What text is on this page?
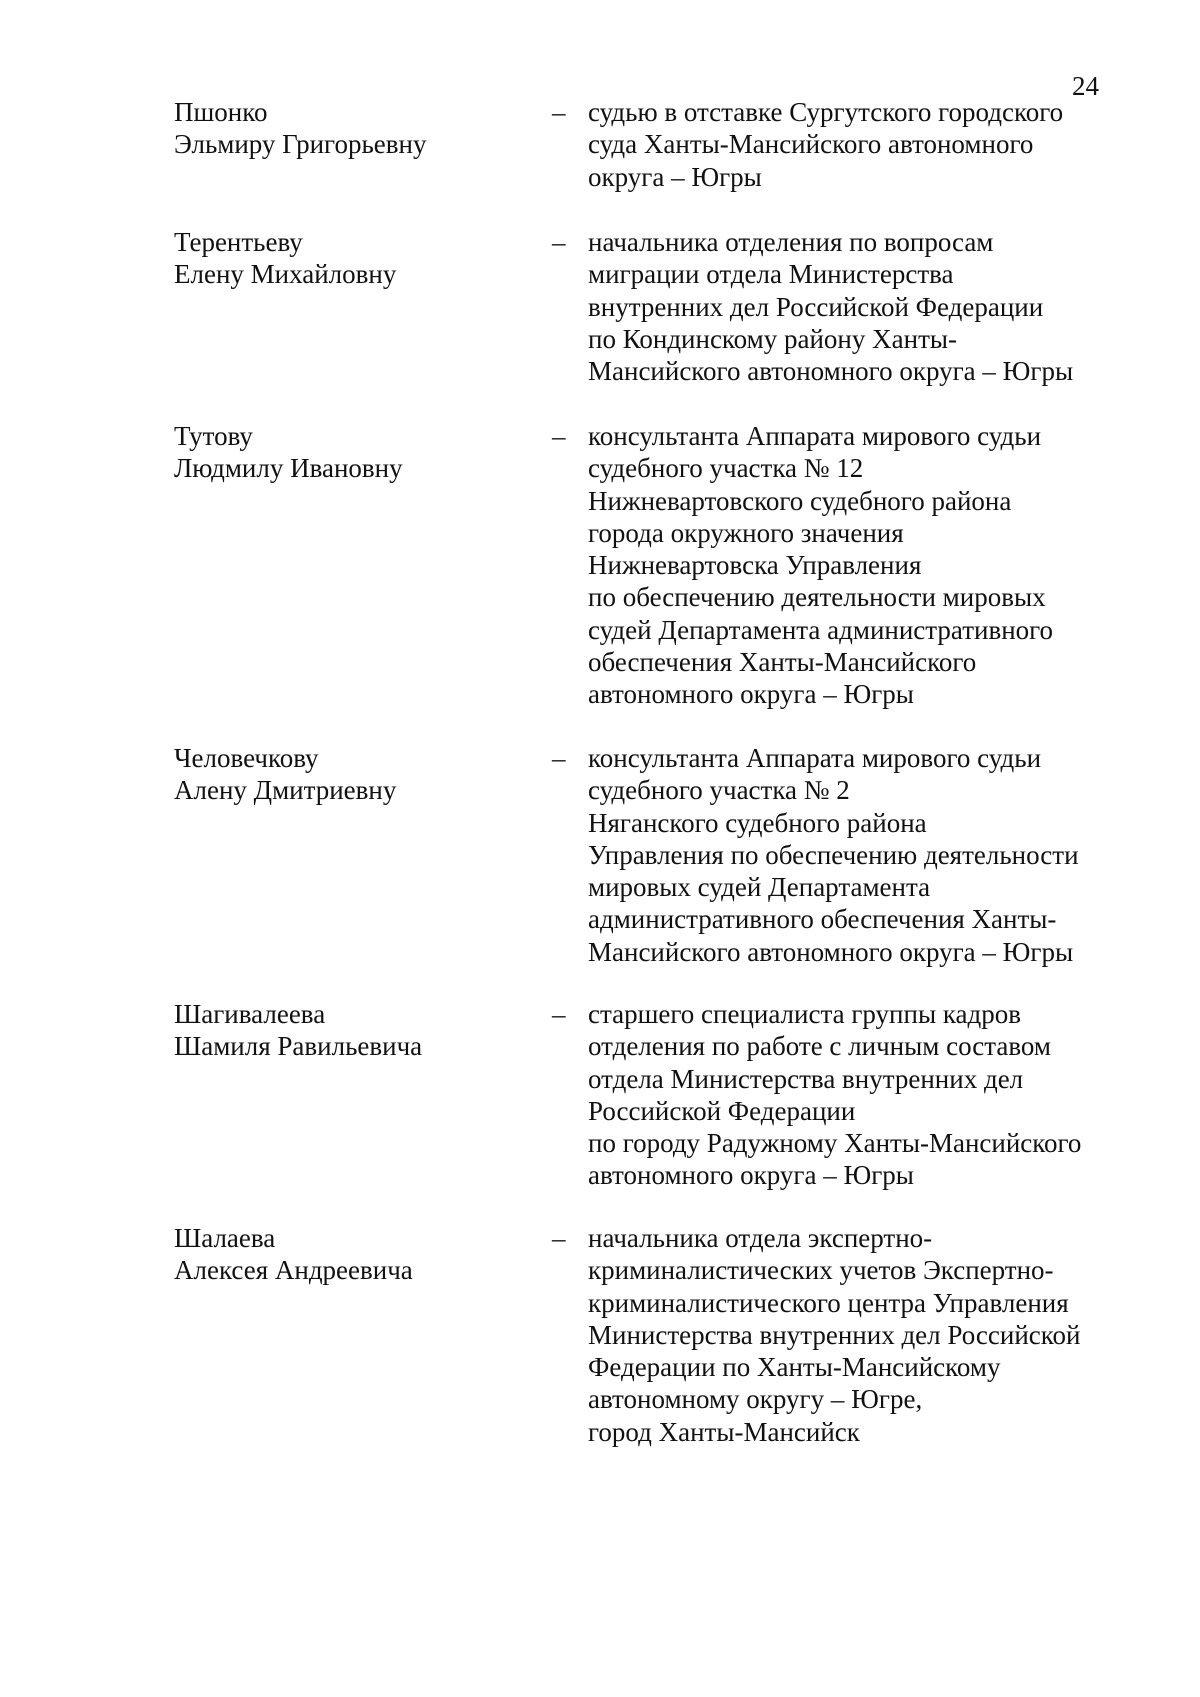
24
Пшонко
Эльмиру Григорьевну
– судью в отставке Сургутского городского
суда Ханты-Мансийского автономного
округа – Югры
Терентьеву
Елену Михайловну
– начальника отделения по вопросам
миграции отдела Министерства
внутренних дел Российской Федерации
по Кондинскому району Ханты-
Мансийского автономного округа – Югры
Тутову
Людмилу Ивановну
– консультанта Аппарата мирового судьи
судебного участка № 12
Нижневартовского судебного района
города окружного значения
Нижневартовска Управления
по обеспечению деятельности мировых
судей Департамента административного
обеспечения Ханты-Мансийского
автономного округа – Югры
Человечкову
Алену Дмитриевну
– консультанта Аппарата мирового судьи
судебного участка № 2
Няганского судебного района
Управления по обеспечению деятельности
мировых судей Департамента
административного обеспечения Ханты-
Мансийского автономного округа – Югры
Шагивалеева
Шамиля Равильевича
– старшего специалиста группы кадров
отделения по работе с личным составом
отдела Министерства внутренних дел
Российской Федерации
по городу Радужному Ханты-Мансийского
автономного округа – Югры
Шалаева
Алексея Андреевича
– начальника отдела экспертно-
криминалистических учетов Экспертно-
криминалистического центра Управления
Министерства внутренних дел Российской
Федерации по Ханты-Мансийскому
автономному округу – Югре,
город Ханты-Мансийск
